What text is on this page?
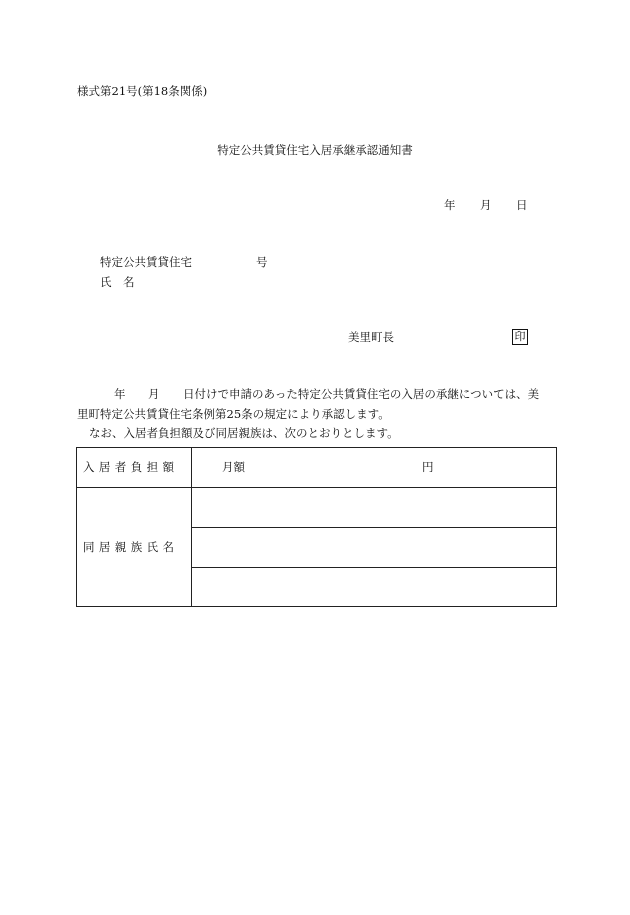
様式第21号(第18条関係)
特定公共賃貸住宅入居承継承認通知書
年 月 日
特定公共賃貸住宅	号
氏 名
美里町長	印
年 月 日付けで申請のあった特定公共賃貸住宅の入居の承継については、美
里町特定公共賃貸住宅条例第25条の規定により承認します。
なお、入居者負担額及び同居親族は、次のとおりとします。
入居者負担額	月額	円
同居親族氏名
